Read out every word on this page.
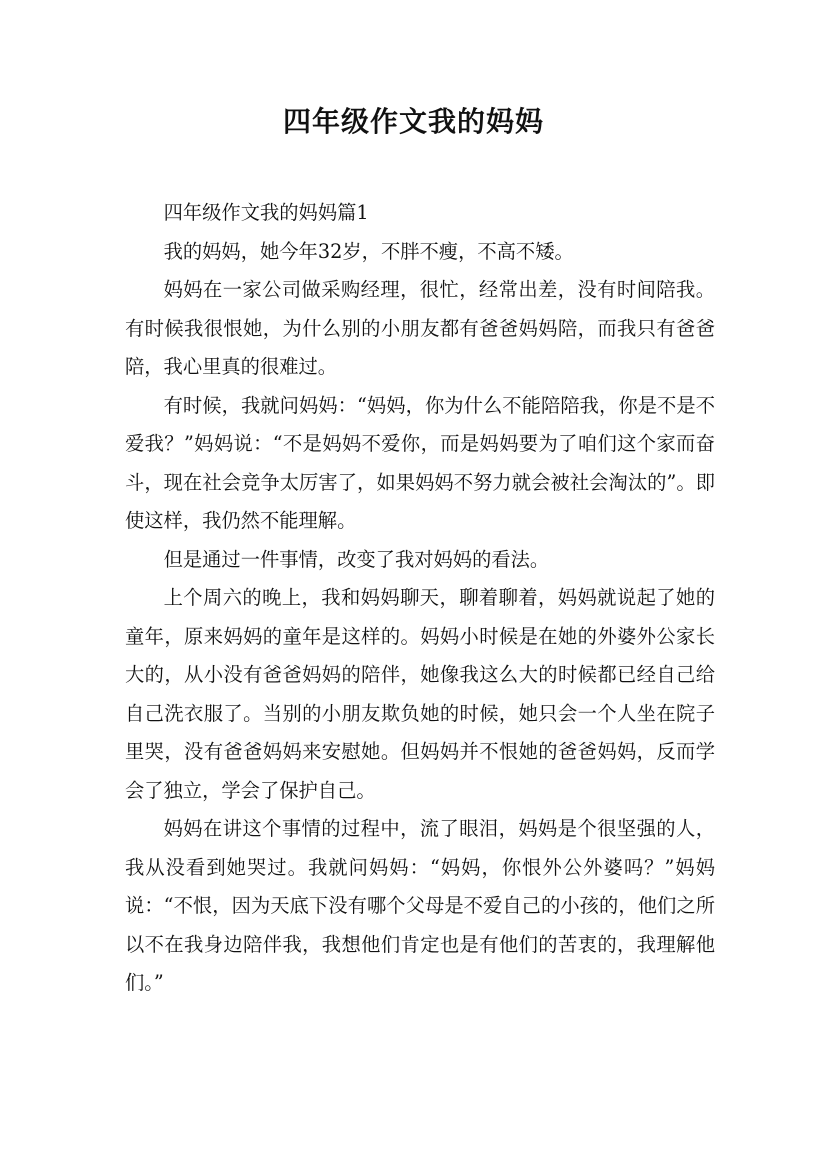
四年级作文我的妈妈

四年级作文我的妈妈篇1

我的妈妈，她今年32岁，不胖不瘦，不高不矮。

妈妈在一家公司做采购经理，很忙，经常出差，没有时间陪我。有时候我很恨她，为什么别的小朋友都有爸爸妈妈陪，而我只有爸爸陪，我心里真的很难过。

有时候，我就问妈妈：“妈妈，你为什么不能陪陪我，你是不是不爱我？”妈妈说：“不是妈妈不爱你，而是妈妈要为了咱们这个家而奋斗，现在社会竞争太厉害了，如果妈妈不努力就会被社会淘汰的”。即使这样，我仍然不能理解。

但是通过一件事情，改变了我对妈妈的看法。

上个周六的晚上，我和妈妈聊天，聊着聊着，妈妈就说起了她的童年，原来妈妈的童年是这样的。妈妈小时候是在她的外婆外公家长大的，从小没有爸爸妈妈的陪伴，她像我这么大的时候都已经自己给自己洗衣服了。当别的小朋友欺负她的时候，她只会一个人坐在院子里哭，没有爸爸妈妈来安慰她。但妈妈并不恨她的爸爸妈妈，反而学会了独立，学会了保护自己。

妈妈在讲这个事情的过程中，流了眼泪，妈妈是个很坚强的人，我从没看到她哭过。我就问妈妈：“妈妈，你恨外公外婆吗？”妈妈说：“不恨，因为天底下没有哪个父母是不爱自己的小孩的，他们之所以不在我身边陪伴我，我想他们肯定也是有他们的苦衷的，我理解他们。”
